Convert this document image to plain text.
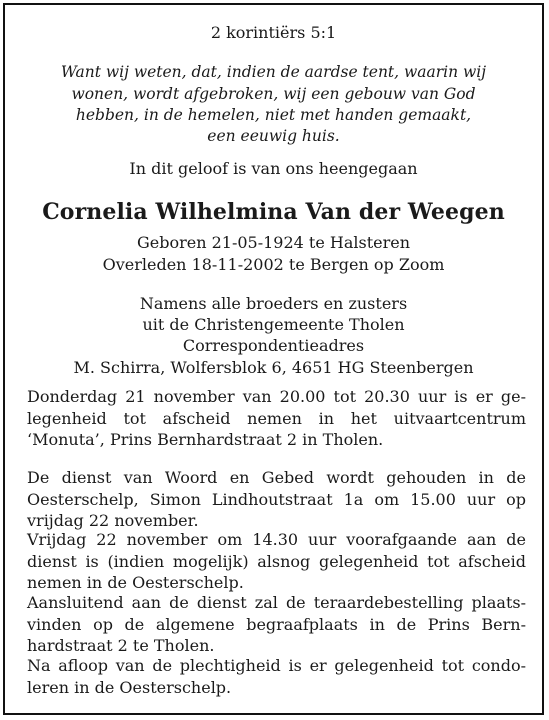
2 korintiërs 5:1
Want wij weten, dat, indien de aardse tent, waarin wij
wonen, wordt afgebroken, wij een gebouw van God
hebben, in de hemelen, niet met handen gemaakt,
een eeuwig huis.
In dit geloof is van ons heengegaan
Cornelia Wilhelmina Van der Weegen
Geboren 21-05-1924 te Halsteren
Overleden 18-11-2002 te Bergen op Zoom
Namens alle broeders en zusters
uit de Christengemeente Tholen
Correspondentieadres
M. Schirra, Wolfersblok 6, 4651 HG Steenbergen
Donderdag 21 november van 20.00 tot 20.30 uur is er ge-
legenheid tot afscheid nemen in het uitvaartcentrum
‘Monuta’, Prins Bernhardstraat 2 in Tholen.
De dienst van Woord en Gebed wordt gehouden in de
Oesterschelp, Simon Lindhoutstraat 1a om 15.00 uur op
vrijdag 22 november.
Vrijdag 22 november om 14.30 uur voorafgaande aan de
dienst is (indien mogelijk) alsnog gelegenheid tot afscheid
nemen in de Oesterschelp.
Aansluitend aan de dienst zal de teraardebestelling plaats-
vinden op de algemene begraafplaats in de Prins Bern-
hardstraat 2 te Tholen.
Na afloop van de plechtigheid is er gelegenheid tot condo-
leren in de Oesterschelp.
